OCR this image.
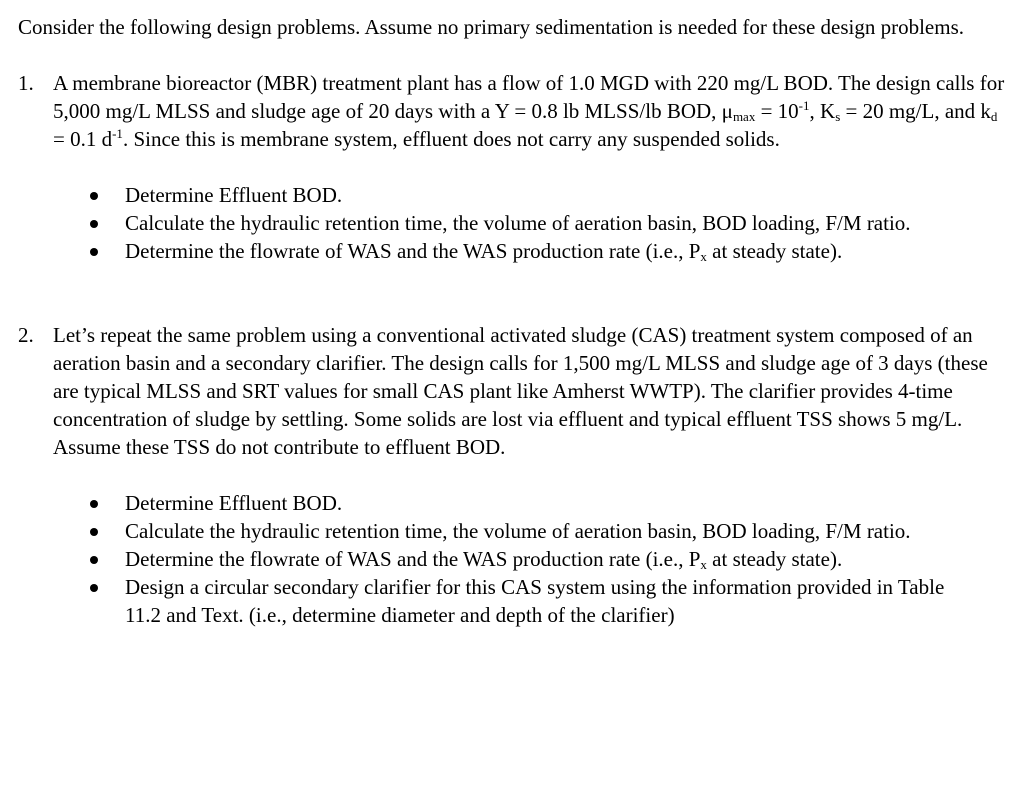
Consider the following design problems. Assume no primary sedimentation is needed for these design problems.

1. A membrane bioreactor (MBR) treatment plant has a flow of 1.0 MGD with 220 mg/L BOD. The design calls for 5,000 mg/L MLSS and sludge age of 20 days with a Y = 0.8 lb MLSS/lb BOD, $\mu_{max} = 10^{-1}$, $K_s = 20$ mg/L, and $k_d = 0.1$ $d^{-1}$. Since this is membrane system, effluent does not carry any suspended solids.

Determine Effluent BOD.
Calculate the hydraulic retention time, the volume of aeration basin, BOD loading, F/M ratio.
Determine the flowrate of WAS and the WAS production rate (i.e., $P_x$ at steady state).
2. Let’s repeat the same problem using a conventional activated sludge (CAS) treatment system composed of an aeration basin and a secondary clarifier. The design calls for 1,500 mg/L MLSS and sludge age of 3 days (these are typical MLSS and SRT values for small CAS plant like Amherst WWTP). The clarifier provides 4-time concentration of sludge by settling. Some solids are lost via effluent and typical effluent TSS shows 5 mg/L. Assume these TSS do not contribute to effluent BOD.

Determine Effluent BOD.
Calculate the hydraulic retention time, the volume of aeration basin, BOD loading, F/M ratio.
Determine the flowrate of WAS and the WAS production rate (i.e., $P_x$ at steady state).
Design a circular secondary clarifier for this CAS system using the information provided in Table 11.2 and Text. (i.e., determine diameter and depth of the clarifier)
